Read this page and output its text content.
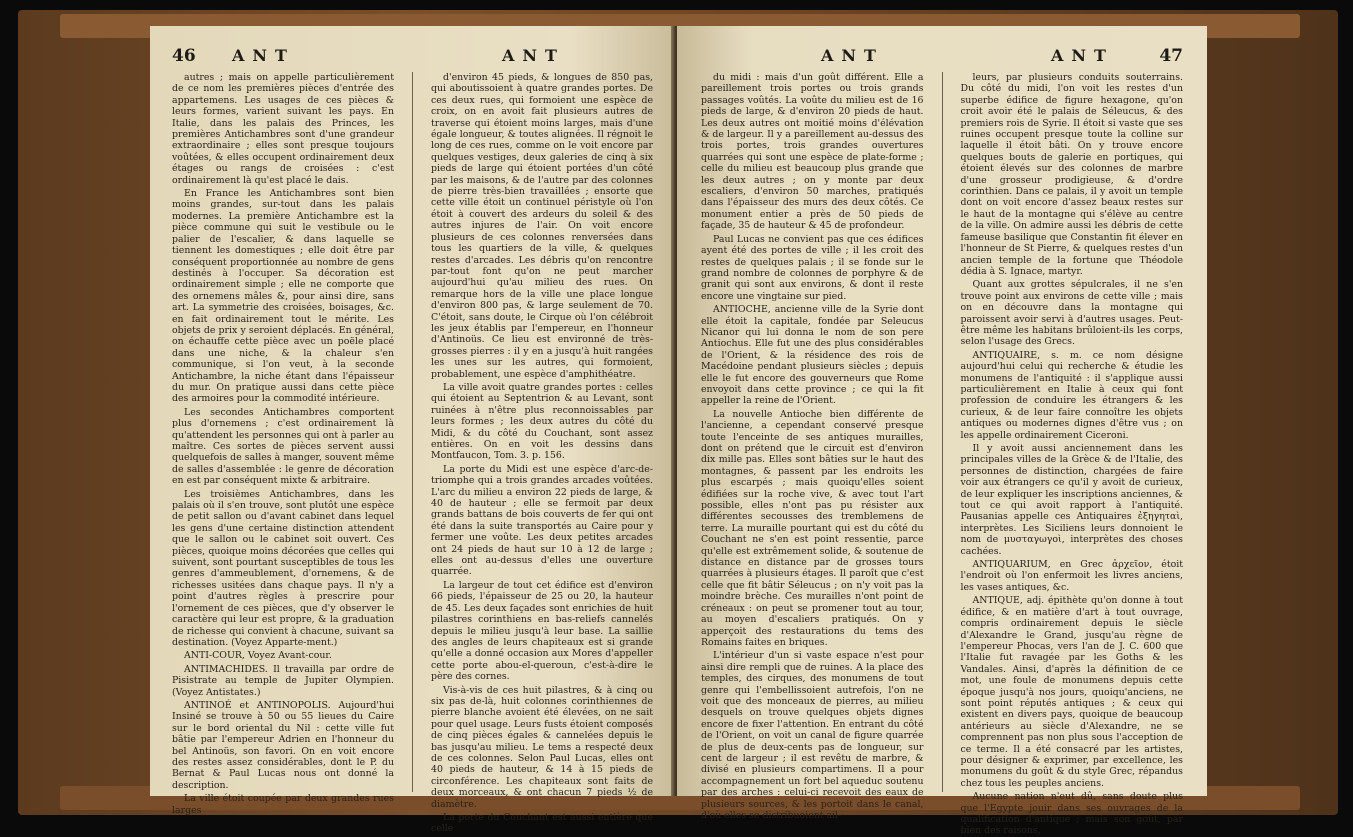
46 ANT	ANT

autres ; mais on appelle particulièrement de ce nom les premières pièces d'entrée des appartemens. Les usages de ces pièces & leurs formes, varient suivant les pays. En Italie, dans les palais des Princes, les premières Antichambres sont d'une grandeur extraordinaire ; elles sont presque toujours voûtées, & elles occupent ordinairement deux étages ou rangs de croisées : c'est ordinairement là qu'est placé le dais.

En France les Antichambres sont bien moins grandes, sur-tout dans les palais modernes. La première Antichambre est la pièce commune qui suit le vestibule ou le palier de l'escalier, & dans laquelle se tiennent les domestiques ; elle doit être par conséquent proportionnée au nombre de gens destinés à l'occuper. Sa décoration est ordinairement simple ; elle ne comporte que des ornemens mâles &, pour ainsi dire, sans art. La symmetrie des croisées, boisages, &c. en fait ordinairement tout le mérite. Les objets de prix y seroient déplacés. En général, on échauffe cette pièce avec un poële placé dans une niche, & la chaleur s'en communique, si l'on veut, à la seconde Antichambre, la niche étant dans l'épaisseur du mur. On pratique aussi dans cette pièce des armoires pour la commodité intérieure.

Les secondes Antichambres comportent plus d'ornemens ; c'est ordinairement là qu'attendent les personnes qui ont à parler au maître. Ces sortes de pièces servent aussi quelquefois de salles à manger, souvent même de salles d'assemblée : le genre de décoration en est par conséquent mixte & arbitraire.

Les troisièmes Antichambres, dans les palais où il s'en trouve, sont plutôt une espèce de petit sallon ou d'avant cabinet dans lequel les gens d'une certaine distinction attendent que le sallon ou le cabinet soit ouvert. Ces pièces, quoique moins décorées que celles qui suivent, sont pourtant susceptibles de tous les genres d'ammeublement, d'ornemens, & de richesses usitées dans chaque pays. Il n'y a point d'autres règles à prescrire pour l'ornement de ces pièces, que d'y observer le caractère qui leur est propre, & la graduation de richesse qui convient à chacune, suivant sa destination. (Voyez Apparte-ment.)

ANTI-COUR, Voyez Avant-cour.

ANTIMACHIDES. Il travailla par ordre de Pisistrate au temple de Jupiter Olympien. (Voyez Antistates.)

ANTINOÉ et ANTINOPOLIS. Aujourd'hui Insiné se trouve à 50 ou 55 lieues du Caire sur le bord oriental du Nil : cette ville fut bâtie par l'empereur Adrien en l'honneur du bel Antinoüs, son favori. On en voit encore des restes assez considérables, dont le P. du Bernat & Paul Lucas nous ont donné la description.

La ville étoit coupée par deux grandes rues larges

d'environ 45 pieds, & longues de 850 pas, qui aboutissoient à quatre grandes portes. De ces deux rues, qui formoient une espèce de croix, on en avoit fait plusieurs autres de traverse qui étoient moins larges, mais d'une égale longueur, & toutes alignées. Il régnoit le long de ces rues, comme on le voit encore par quelques vestiges, deux galeries de cinq à six pieds de large qui étoient portées d'un côté par les maisons, & de l'autre par des colonnes de pierre très-bien travaillées ; ensorte que cette ville étoit un continuel péristyle où l'on étoit à couvert des ardeurs du soleil & des autres injures de l'air. On voit encore plusieurs de ces colonnes renversées dans tous les quartiers de la ville, & quelques restes d'arcades. Les débris qu'on rencontre par-tout font qu'on ne peut marcher aujourd'hui qu'au milieu des rues. On remarque hors de la ville une place longue d'environ 800 pas, & large seulement de 70. C'étoit, sans doute, le Cirque où l'on célébroit les jeux établis par l'empereur, en l'honneur d'Antinoüs. Ce lieu est environné de très-grosses pierres : il y en a jusqu'à huit rangées les unes sur les autres, qui formoient, probablement, une espèce d'amphithéatre.

La ville avoit quatre grandes portes : celles qui étoient au Septentrion & au Levant, sont ruinées à n'être plus reconnoissables par leurs formes ; les deux autres du côté du Midi, & du côté du Couchant, sont assez entières. On en voit les dessins dans Montfaucon, Tom. 3. p. 156.

La porte du Midi est une espèce d'arc-de-triomphe qui a trois grandes arcades voûtées. L'arc du milieu a environ 22 pieds de large, & 40 de hauteur ; elle se fermoit par deux grands battans de bois couverts de fer qui ont été dans la suite transportés au Caire pour y fermer une voûte. Les deux petites arcades ont 24 pieds de haut sur 10 à 12 de large ; elles ont au-dessus d'elles une ouverture quarrée.

La largeur de tout cet édifice est d'environ 66 pieds, l'épaisseur de 25 ou 20, la hauteur de 45. Les deux façades sont enrichies de huit pilastres corinthiens en bas-reliefs cannelés depuis le milieu jusqu'à leur base. La saillie des angles de leurs chapiteaux est si grande qu'elle a donné occasion aux Mores d'appeller cette porte abou-el-queroun, c'est-à-dire le père des cornes.

Vis-à-vis de ces huit pilastres, & à cinq ou six pas de-là, huit colonnes corinthiennes de pierre blanche avoient été élevées, on ne sait pour quel usage. Leurs fusts étoient composés de cinq pièces égales & cannelées depuis le bas jusqu'au milieu. Le tems a respecté deux de ces colonnes. Selon Paul Lucas, elles ont 40 pieds de hauteur, & 14 à 15 pieds de circonférence. Les chapiteaux sont faits de deux morceaux, & ont chacun 7 pieds ½ de diamètre.

La porte du Couchant est aussi entière que celle

ANT	ANT	47

du midi : mais d'un goût différent. Elle a pareillement trois portes ou trois grands passages voûtés. La voûte du milieu est de 16 pieds de large, & d'environ 20 pieds de haut. Les deux autres ont moitié moins d'élévation & de largeur. Il y a pareillement au-dessus des trois portes, trois grandes ouvertures quarrées qui sont une espèce de plate-forme ; celle du milieu est beaucoup plus grande que les deux autres ; on y monte par deux escaliers, d'environ 50 marches, pratiqués dans l'épaisseur des murs des deux côtés. Ce monument entier a près de 50 pieds de façade, 35 de hauteur & 45 de profondeur.

Paul Lucas ne convient pas que ces édifices ayent été des portes de ville ; il les croit des restes de quelques palais ; il se fonde sur le grand nombre de colonnes de porphyre & de granit qui sont aux environs, & dont il reste encore une vingtaine sur pied.

ANTIOCHE, ancienne ville de la Syrie dont elle étoit la capitale, fondée par Seleucus Nicanor qui lui donna le nom de son pere Antiochus. Elle fut une des plus considérables de l'Orient, & la résidence des rois de Macédoine pendant plusieurs siècles ; depuis elle le fut encore des gouverneurs que Rome envoyoit dans cette province ; ce qui la fit appeller la reine de l'Orient.

La nouvelle Antioche bien différente de l'ancienne, a cependant conservé presque toute l'enceinte de ses antiques murailles, dont on prétend que le circuit est d'environ dix mille pas. Elles sont bâties sur le haut des montagnes, & passent par les endroits les plus escarpés ; mais quoiqu'elles soient édifiées sur la roche vive, & avec tout l'art possible, elles n'ont pas pu résister aux différentes secousses des tremblemens de terre. La muraille pourtant qui est du côté du Couchant ne s'en est point ressentie, parce qu'elle est extrêmement solide, & soutenue de distance en distance par de grosses tours quarrées à plusieurs étages. Il paroît que c'est celle que fit bâtir Séleucus ; on n'y voit pas la moindre brèche. Ces murailles n'ont point de créneaux : on peut se promener tout au tour, au moyen d'escaliers pratiqués. On y apperçoit des restaurations du tems des Romains faites en briques.

L'intérieur d'un si vaste espace n'est pour ainsi dire rempli que de ruines. A la place des temples, des cirques, des monumens de tout genre qui l'embellissoient autrefois, l'on ne voit que des monceaux de pierres, au milieu desquels on trouve quelques objets dignes encore de fixer l'attention. En entrant du côté de l'Orient, on voit un canal de figure quarrée de plus de deux-cents pas de longueur, sur cent de largeur ; il est revêtu de marbre, & divisé en plusieurs compartimens. Il a pour accompagnement un fort bel aqueduc soutenu par des arches : celui-ci recevoit des eaux de plusieurs sources, & les portoit dans le canal, d'où elles se distribuoient ail-

leurs, par plusieurs conduits souterrains. Du côté du midi, l'on voit les restes d'un superbe édifice de figure hexagone, qu'on croit avoir été le palais de Séleucus, & des premiers rois de Syrie. Il étoit si vaste que ses ruines occupent presque toute la colline sur laquelle il étoit bâti. On y trouve encore quelques bouts de galerie en portiques, qui étoient élevés sur des colonnes de marbre d'une grosseur prodigieuse, & d'ordre corinthien. Dans ce palais, il y avoit un temple dont on voit encore d'assez beaux restes sur le haut de la montagne qui s'élève au centre de la ville. On admire aussi les débris de cette fameuse basilique que Constantin fit élever en l'honneur de St Pierre, & quelques restes d'un ancien temple de la fortune que Théodole dédia à S. Ignace, martyr.

Quant aux grottes sépulcrales, il ne s'en trouve point aux environs de cette ville ; mais on en découvre dans la montagne qui paroissent avoir servi à d'autres usages. Peut-être même les habitans brûloient-ils les corps, selon l'usage des Grecs.

ANTIQUAIRE, s. m. ce nom désigne aujourd'hui celui qui recherche & étudie les monumens de l'antiquité : il s'applique aussi particulièrement en Italie à ceux qui font profession de conduire les étrangers & les curieux, & de leur faire connoître les objets antiques ou modernes dignes d'être vus ; on les appelle ordinairement Ciceroni.

Il y avoit aussi anciennement dans les principales villes de la Grèce & de l'Italie, des personnes de distinction, chargées de faire voir aux étrangers ce qu'il y avoit de curieux, de leur expliquer les inscriptions anciennes, & tout ce qui avoit rapport à l'antiquité. Pausanias appelle ces Antiquaires ἐξηγηταὶ, interprètes. Les Siciliens leurs donnoient le nom de μυσταγωγοὶ, interprètes des choses cachées.

ANTIQUARIUM, en Grec ἀρχεῖον, étoit l'endroit où l'on enfermoit les livres anciens, les vases antiques, &c.

ANTIQUE, adj. épithète qu'on donne à tout édifice, & en matière d'art à tout ouvrage, compris ordinairement depuis le siècle d'Alexandre le Grand, jusqu'au règne de l'empereur Phocas, vers l'an de J. C. 600 que l'Italie fut ravagée par les Goths & les Vandales. Ainsi, d'après la définition de ce mot, une foule de monumens depuis cette époque jusqu'à nos jours, quoiqu'anciens, ne sont point réputés antiques ; & ceux qui existent en divers pays, quoique de beaucoup antérieurs au siècle d'Alexandre, ne se comprennent pas non plus sous l'acception de ce terme. Il a été consacré par les artistes, pour désigner & exprimer, par excellence, les monumens du goût & du style Grec, répandus chez tous les peuples anciens.

Aucune nation n'eut dû, sans doute plus que l'Egypte jouir dans ses ouvrages de la qualification d'antique ; mais son goût, par bien des raisons,
